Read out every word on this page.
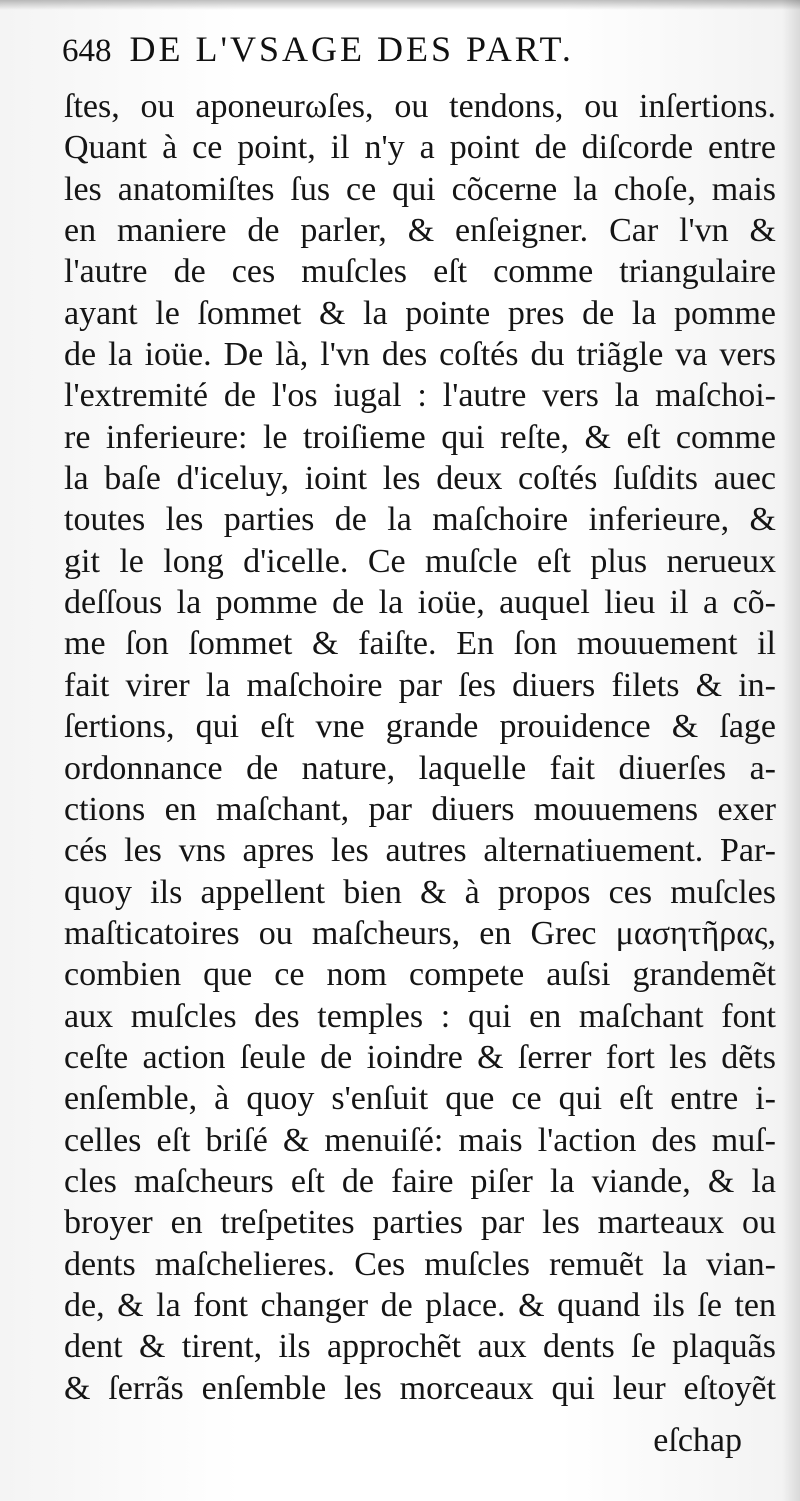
648 DE L'VSAGE DES PART.
ſtes, ou aponeurωſes, ou tendons, ou inſertions.
Quant à ce point, il n'y a point de diſcorde entre
les anatomiſtes ſus ce qui cõcerne la choſe, mais
en maniere de parler, & enſeigner. Car l'vn &
l'autre de ces muſcles eſt comme triangulaire
ayant le ſommet & la pointe pres de la pomme
de la ioüe. De là, l'vn des coſtés du triãgle va vers
l'extremité de l'os iugal : l'autre vers la maſchoi-
re inferieure: le troiſieme qui reſte, & eſt comme
la baſe d'iceluy, ioint les deux coſtés ſuſdits auec
toutes les parties de la maſchoire inferieure, &
git le long d'icelle. Ce muſcle eſt plus nerueux
deſſous la pomme de la ioüe, auquel lieu il a cõ-
me ſon ſommet & faiſte. En ſon mouuement il
fait virer la maſchoire par ſes diuers filets & in-
ſertions, qui eſt vne grande prouidence & ſage
ordonnance de nature, laquelle fait diuerſes a-
ctions en maſchant, par diuers mouuemens exer
cés les vns apres les autres alternatiuement. Par-
quoy ils appellent bien & à propos ces muſcles
maſticatoires ou maſcheurs, en Grec μασητῆρας,
combien que ce nom compete auſsi grandemẽt
aux muſcles des temples : qui en maſchant font
ceſte action ſeule de ioindre & ſerrer fort les dẽts
enſemble, à quoy s'enſuit que ce qui eſt entre i-
celles eſt briſé & menuiſé: mais l'action des muſ-
cles maſcheurs eſt de faire piſer la viande, & la
broyer en treſpetites parties par les marteaux ou
dents maſchelieres. Ces muſcles remuẽt la vian-
de, & la font changer de place. & quand ils ſe ten
dent & tirent, ils approchẽt aux dents ſe plaquãs
& ſerrãs enſemble les morceaux qui leur eſtoyẽt
eſchap
